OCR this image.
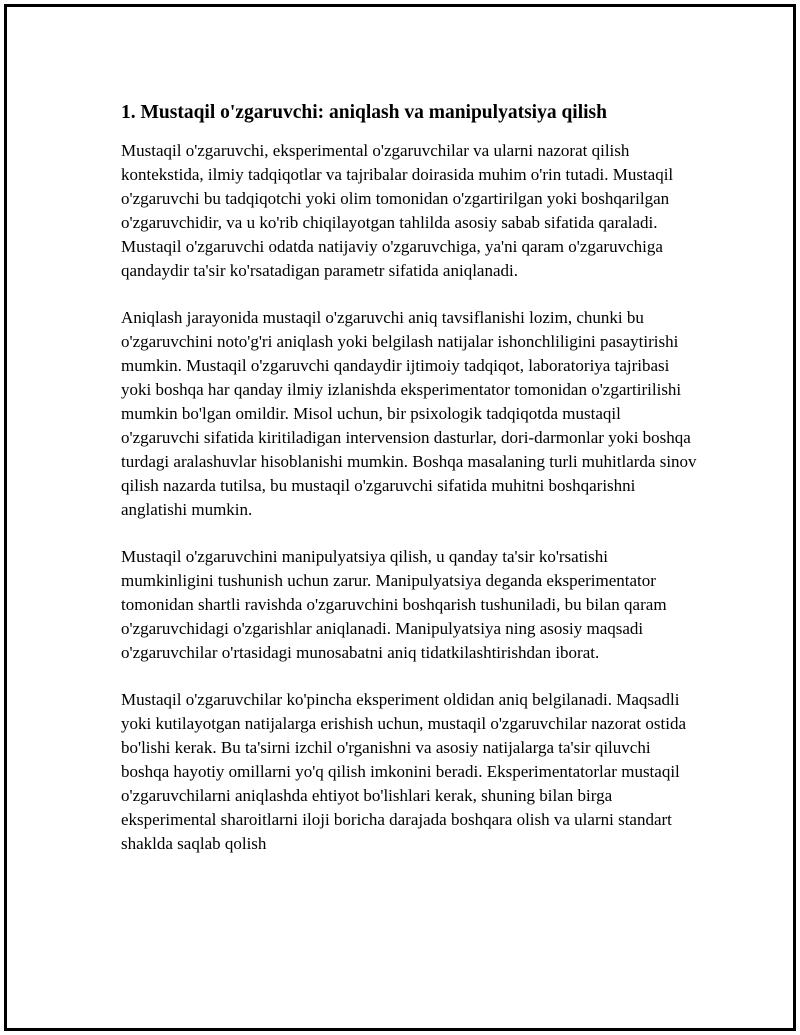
1. Mustaqil o'zgaruvchi: aniqlash va manipulyatsiya qilish

Mustaqil o'zgaruvchi, eksperimental o'zgaruvchilar va ularni nazorat qilish kontekstida, ilmiy tadqiqotlar va tajribalar doirasida muhim o'rin tutadi. Mustaqil o'zgaruvchi bu tadqiqotchi yoki olim tomonidan o'zgartirilgan yoki boshqarilgan o'zgaruvchidir, va u ko'rib chiqilayotgan tahlilda asosiy sabab sifatida qaraladi. Mustaqil o'zgaruvchi odatda natijaviy o'zgaruvchiga, ya'ni qaram o'zgaruvchiga qandaydir ta'sir ko'rsatadigan parametr sifatida aniqlanadi.

Aniqlash jarayonida mustaqil o'zgaruvchi aniq tavsiflanishi lozim, chunki bu o'zgaruvchini noto'g'ri aniqlash yoki belgilash natijalar ishonchliligini pasaytirishi mumkin. Mustaqil o'zgaruvchi qandaydir ijtimoiy tadqiqot, laboratoriya tajribasi yoki boshqa har qanday ilmiy izlanishda eksperimentator tomonidan o'zgartirilishi mumkin bo'lgan omildir. Misol uchun, bir psixologik tadqiqotda mustaqil o'zgaruvchi sifatida kiritiladigan intervension dasturlar, dori-darmonlar yoki boshqa turdagi aralashuvlar hisoblanishi mumkin. Boshqa masalaning turli muhitlarda sinov qilish nazarda tutilsa, bu mustaqil o'zgaruvchi sifatida muhitni boshqarishni anglatishi mumkin.

Mustaqil o'zgaruvchini manipulyatsiya qilish, u qanday ta'sir ko'rsatishi mumkinligini tushunish uchun zarur. Manipulyatsiya deganda eksperimentator tomonidan shartli ravishda o'zgaruvchini boshqarish tushuniladi, bu bilan qaram o'zgaruvchidagi o'zgarishlar aniqlanadi. Manipulyatsiya ning asosiy maqsadi o'zgaruvchilar o'rtasidagi munosabatni aniq tidatkilashtirishdan iborat.

Mustaqil o'zgaruvchilar ko'pincha eksperiment oldidan aniq belgilanadi. Maqsadli yoki kutilayotgan natijalarga erishish uchun, mustaqil o'zgaruvchilar nazorat ostida bo'lishi kerak. Bu ta'sirni izchil o'rganishni va asosiy natijalarga ta'sir qiluvchi boshqa hayotiy omillarni yo'q qilish imkonini beradi. Eksperimentatorlar mustaqil o'zgaruvchilarni aniqlashda ehtiyot bo'lishlari kerak, shuning bilan birga eksperimental sharoitlarni iloji boricha darajada boshqara olish va ularni standart shaklda saqlab qolish
